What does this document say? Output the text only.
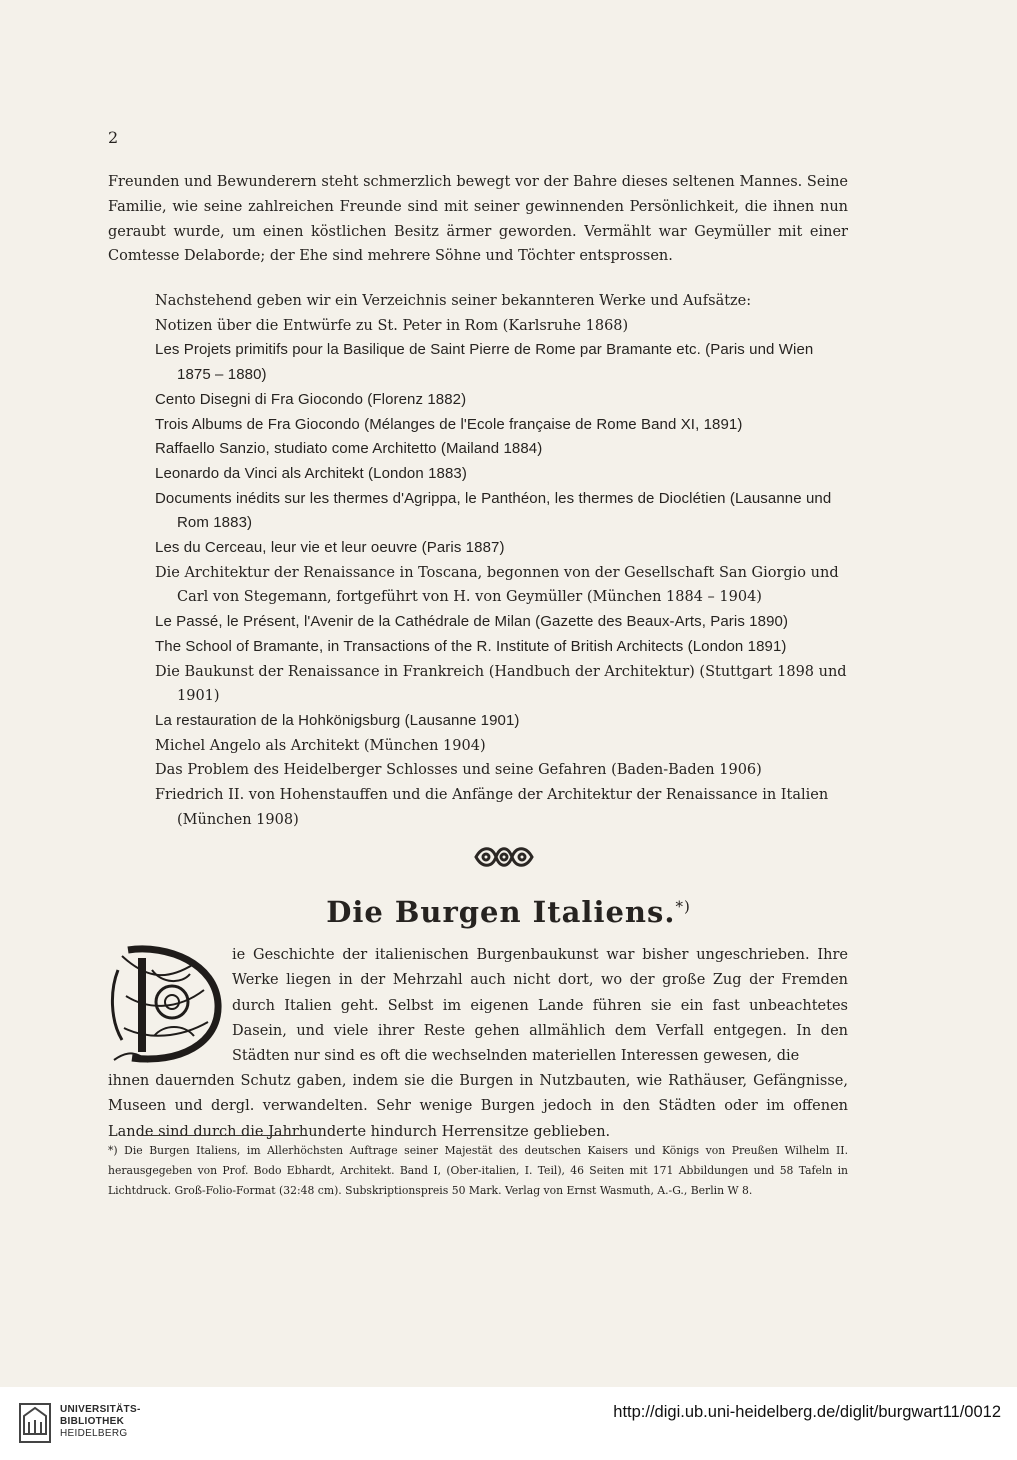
2

Freunden und Bewunderern steht schmerzlich bewegt vor der Bahre dieses seltenen Mannes. Seine Familie, wie seine zahlreichen Freunde sind mit seiner gewinnenden Persönlichkeit, die ihnen nun geraubt wurde, um einen köstlichen Besitz ärmer geworden. Vermählt war Geymüller mit einer Comtesse Delaborde; der Ehe sind mehrere Söhne und Töchter entsprossen.

Nachstehend geben wir ein Verzeichnis seiner bekannteren Werke und Aufsätze:

Notizen über die Entwürfe zu St. Peter in Rom (Karlsruhe 1868)
Les Projets primitifs pour la Basilique de Saint Pierre de Rome par Bramante etc. (Paris und Wien 1875 – 1880)
Cento Disegni di Fra Giocondo (Florenz 1882)
Trois Albums de Fra Giocondo (Mélanges de l'Ecole française de Rome Band XI, 1891)
Raffaello Sanzio, studiato come Architetto (Mailand 1884)
Leonardo da Vinci als Architekt (London 1883)
Documents inédits sur les thermes d'Agrippa, le Panthéon, les thermes de Dioclétien (Lausanne und Rom 1883)
Les du Cerceau, leur vie et leur oeuvre (Paris 1887)
Die Architektur der Renaissance in Toscana, begonnen von der Gesellschaft San Giorgio und Carl von Stegemann, fortgeführt von H. von Geymüller (München 1884 – 1904)
Le Passé, le Présent, l'Avenir de la Cathédrale de Milan (Gazette des Beaux-Arts, Paris 1890)
The School of Bramante, in Transactions of the R. Institute of British Architects (London 1891)
Die Baukunst der Renaissance in Frankreich (Handbuch der Architektur) (Stuttgart 1898 und 1901)
La restauration de la Hohkönigsburg (Lausanne 1901)
Michel Angelo als Architekt (München 1904)
Das Problem des Heidelberger Schlosses und seine Gefahren (Baden-Baden 1906)
Friedrich II. von Hohenstauffen und die Anfänge der Architektur der Renaissance in Italien (München 1908)
Die Burgen Italiens.*)

ie Geschichte der italienischen Burgenbaukunst war bisher ungeschrieben. Ihre Werke liegen in der Mehrzahl auch nicht dort, wo der große Zug der Fremden durch Italien geht. Selbst im eigenen Lande führen sie ein fast unbeachtetes Dasein, und viele ihrer Reste gehen allmählich dem Verfall entgegen. In den Städten nur sind es oft die wechselnden materiellen Interessen gewesen, die

ihnen dauernden Schutz gaben, indem sie die Burgen in Nutzbauten, wie Rathäuser, Gefängnisse, Museen und dergl. verwandelten. Sehr wenige Burgen jedoch in den Städten oder im offenen Lande sind durch die Jahrhunderte hindurch Herrensitze geblieben.

*) Die Burgen Italiens, im Allerhöchsten Auftrage seiner Majestät des deutschen Kaisers und Königs von Preußen Wilhelm II. herausgegeben von Prof. Bodo Ebhardt, Architekt. Band I, (Ober-italien, I. Teil), 46 Seiten mit 171 Abbildungen und 58 Tafeln in Lichtdruck. Groß-Folio-Format (32:48 cm). Subskriptionspreis 50 Mark. Verlag von Ernst Wasmuth, A.-G., Berlin W 8.

UNIVERSITÄTS-
BIBLIOTHEK
HEIDELBERG
http://digi.ub.uni-heidelberg.de/diglit/burgwart11/0012
